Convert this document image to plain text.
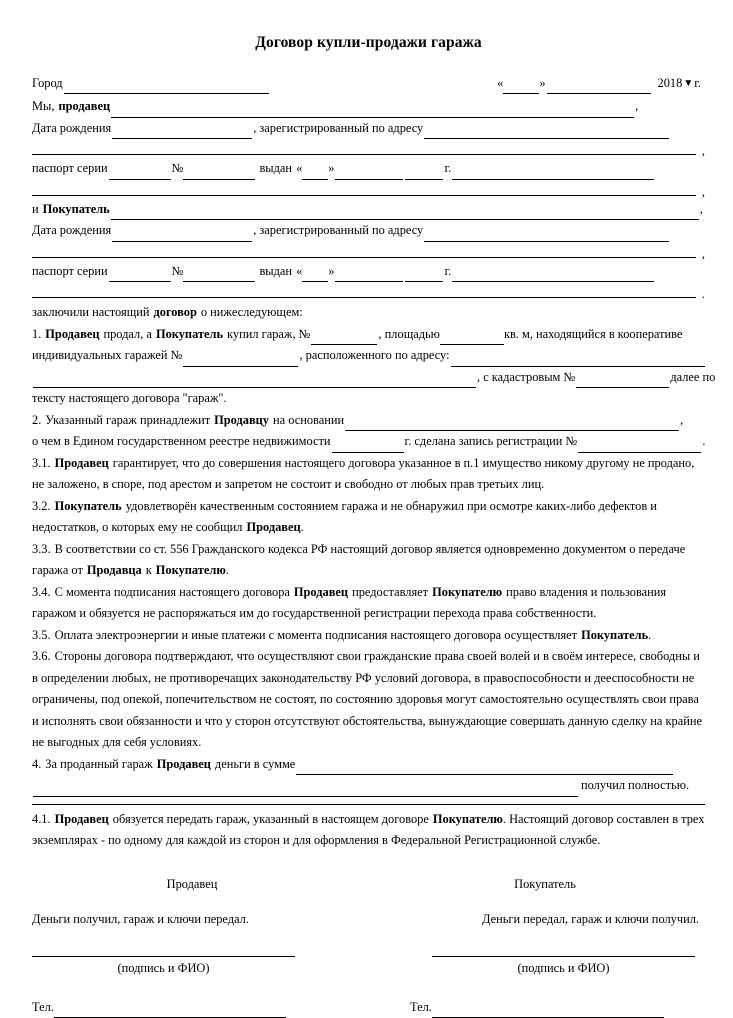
Договор купли-продажи гаража
Город	«	»	2018▼г.
Мы, продавец	,
Дата рождения	, зарегистрированный по адресу
,
паспорт серии	№	выдан « »	г.
,
и Покупатель	,
Дата рождения	, зарегистрированный по адресу
,
паспорт серии	№	выдан « »	г.
.
заключили настоящий договор о нижеследующем:
1. Продавец продал, а Покупатель купил гараж, №	, площадью	кв. м, находящийся в кооперативе
индивидуальных гаражей №	, расположенного по адресу:
, с кадастровым №	далее по
тексту настоящего договора "гараж".
2. Указанный гараж принадлежит Продавцу на основании	,
о чем в Едином государственном реестре недвижимости	г. сделана запись регистрации №	.
3.1. Продавец гарантирует, что до совершения настоящего договора указанное в п.1 имущество никому другому не продано, не заложено, в споре, под арестом и запретом не состоит и свободно от любых прав третьих лиц.
3.2. Покупатель удовлетворён качественным состоянием гаража и не обнаружил при осмотре каких-либо дефектов и недостатков, о которых ему не сообщил Продавец.
3.3. В соответствии со ст. 556 Гражданского кодекса РФ настоящий договор является одновременно документом о передаче гаража от Продавца к Покупателю.
3.4. С момента подписания настоящего договора Продавец предоставляет Покупателю право владения и пользования гаражом и обязуется не распоряжаться им до государственной регистрации перехода права собственности.
3.5. Оплата электроэнергии и иные платежи с момента подписания настоящего договора осуществляет Покупатель.
3.6. Стороны договора подтверждают, что осуществляют свои гражданские права своей волей и в своём интересе, свободны и в определении любых, не противоречащих законодательству РФ условий договора, в правоспособности и дееспособности не ограничены, под опекой, попечительством не состоят, по состоянию здоровья могут самостоятельно осуществлять свои права и исполнять свои обязанности и что у сторон отсутствуют обстоятельства, вынуждающие совершать данную сделку на крайне не выгодных для себя условиях.
4. За проданный гараж Продавец деньги в сумме
получил полностью.
4.1. Продавец обязуется передать гараж, указанный в настоящем договоре Покупателю. Настоящий договор составлен в трех экземплярах - по одному для каждой из сторон и для оформления в Федеральной Регистрационной службе.
Продавец
Деньги получил, гараж и ключи передал.
(подпись и ФИО)
Тел.
Покупатель
Деньги передал, гараж и ключи получил.
(подпись и ФИО)
Тел.
